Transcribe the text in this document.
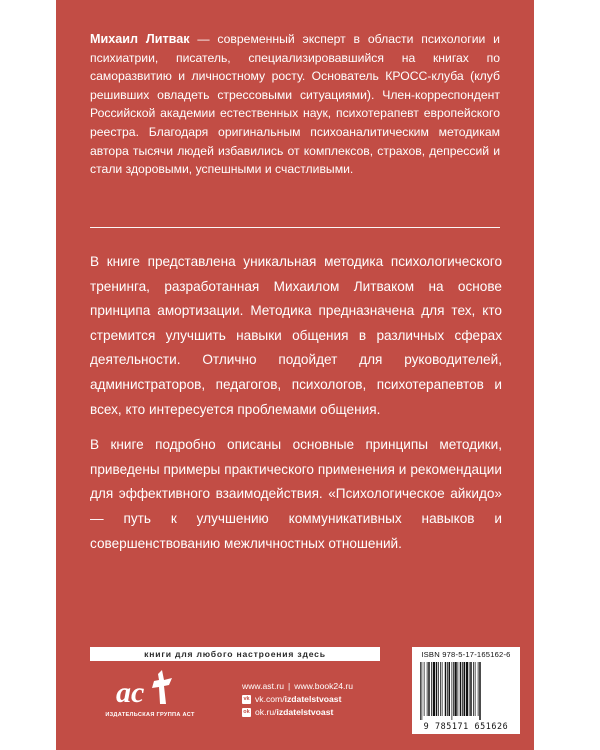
Михаил Литвак — современный эксперт в области психологии и психиатрии, писатель, специализировавшийся на книгах по саморазвитию и личностному росту. Основатель КРОСС-клуба (клуб решивших овладеть стрессовыми ситуациями). Член-корреспондент Российской академии естественных наук, психотерапевт европейского реестра. Благодаря оригинальным психоаналитическим методикам автора тысячи людей избавились от комплексов, страхов, депрессий и стали здоровыми, успешными и счастливыми.

В книге представлена уникальная методика психологического тренинга, разработанная Михаилом Литваком на основе принципа амортизации. Методика предназначена для тех, кто стремится улучшить навыки общения в различных сферах деятельности. Отлично подойдет для руководителей, администраторов, педагогов, психологов, психотерапевтов и всех, кто интересуется проблемами общения.

В книге подробно описаны основные принципы методики, приведены примеры практического применения и рекомендации для эффективного взаимодействия. «Психологическое айкидо» — путь к улучшению коммуникативных навыков и совершенствованию межличностных отношений.

книги для любого настроения здесь
ас
ИЗДАТЕЛЬСКАЯ ГРУППА АСТ
www.ast.ru | www.book24.ru
vk vk.com/ izdatelstvoast
ok ok.ru/ izdatelstvoast
ISBN 978-5-17-165162-6
9 785171 651626
